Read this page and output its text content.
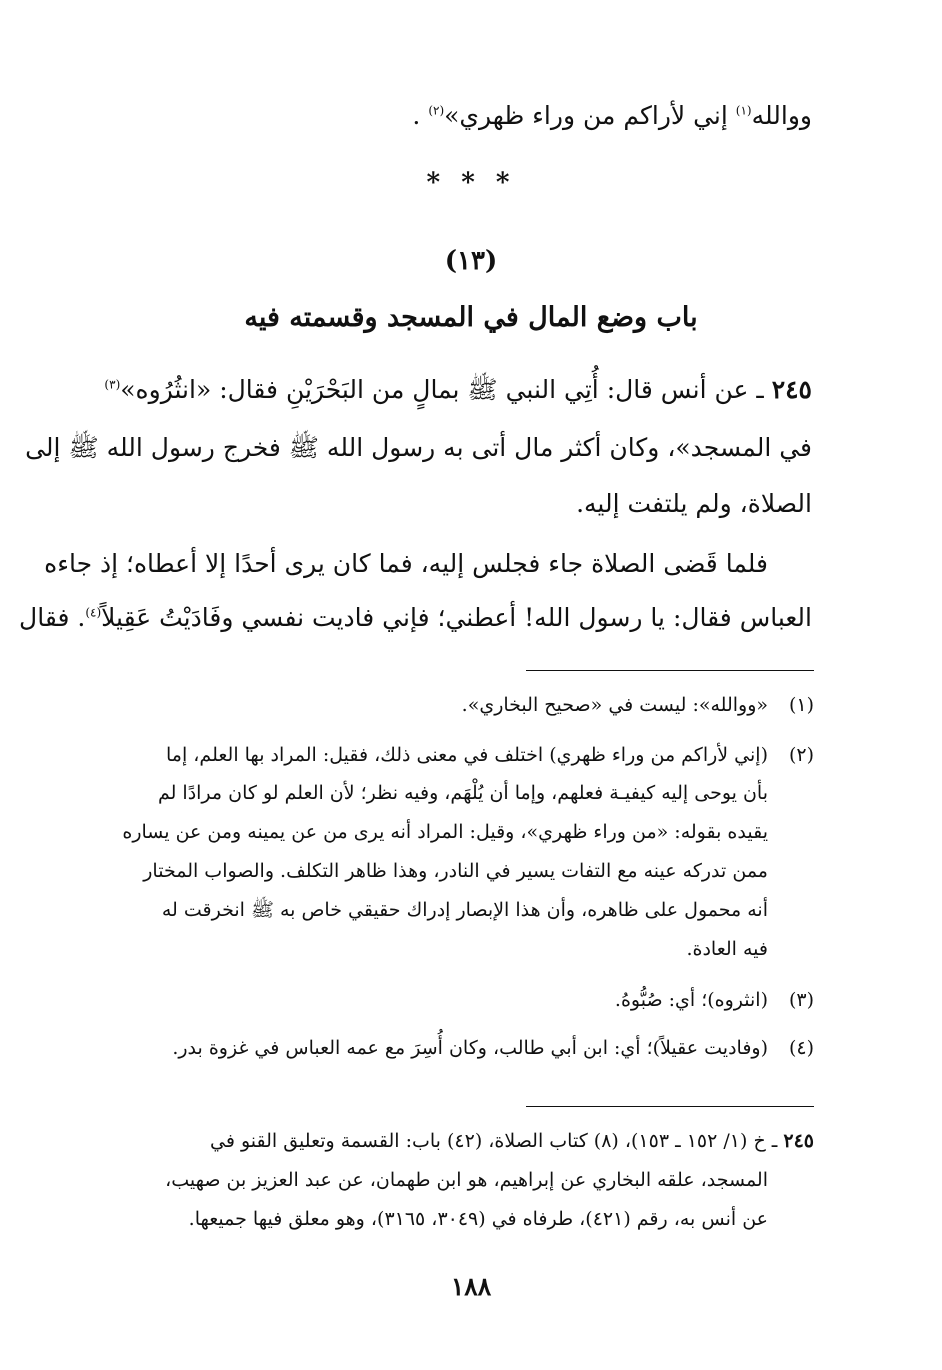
ووالله$^{(١)}$ إني لأراكم من وراء ظهري»$^{(٢)}$ .
* * *
(١٣)
باب وضع المال في المسجد وقسمته فيه
٢٤٥ ـ عن أنس قال: أُتِي النبي ﷺ بمالٍ من البَحْرَيْنِ فقال: «انثُرُوه»$^{(٣)}$
في المسجد»، وكان أكثر مال أتى به رسول الله ﷺ فخرج رسول الله ﷺ إلى
الصلاة، ولم يلتفت إليه.
فلما قَضى الصلاة جاء فجلس إليه، فما كان يرى أحدًا إلا أعطاه؛ إذ جاءه
العباس فقال: يا رسول الله! أعطني؛ فإني فاديت نفسي وفَادَيْتُ عَقِيلاً$^{(٤)}$. فقال
(١)
«ووالله»: ليست في «صحيح البخاري».
(٢)
(إني لأراكم من وراء ظهري) اختلف في معنى ذلك، فقيل: المراد بها العلم، إما
بأن يوحى إليه كيفيـة فعلهم، وإما أن يُلْهَم، وفيه نظر؛ لأن العلم لو كان مرادًا لم
يقيده بقوله: «من وراء ظهري»، وقيل: المراد أنه يرى من عن يمينه ومن عن يساره
ممن تدركه عينه مع التفات يسير في النادر، وهذا ظاهر التكلف. والصواب المختار
أنه محمول على ظاهره، وأن هذا الإبصار إدراك حقيقي خاص به ﷺ انخرقت له
فيه العادة.
(٣)
(انثروه)؛ أي: صُبُّوهُ.
(٤)
(وفاديت عقيلاً)؛ أي: ابن أبي طالب، وكان أُسِرَ مع عمه العباس في غزوة بدر.
٢٤٥ ـ خ (١/ ١٥٢ ـ ١٥٣)، (٨) كتاب الصلاة، (٤٢) باب: القسمة وتعليق القنو في
المسجد، علقه البخاري عن إبراهيم، هو ابن طهمان، عن عبد العزيز بن صهيب،
عن أنس به، رقم (٤٢١)، طرفاه في (٣٠٤٩، ٣١٦٥)، وهو معلق فيها جميعها.
١٨٨
